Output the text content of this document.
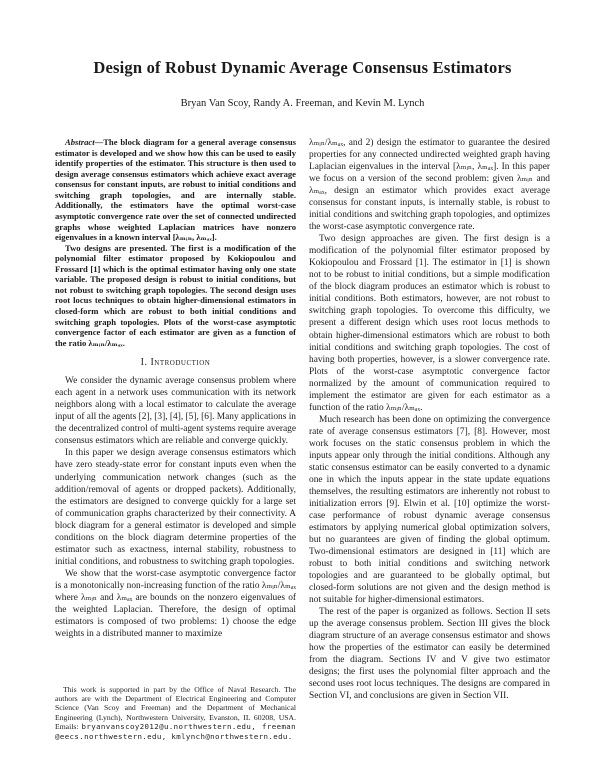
Design of Robust Dynamic Average Consensus Estimators
Bryan Van Scoy, Randy A. Freeman, and Kevin M. Lynch

Abstract—The block diagram for a general average consensus estimator is developed and we show how this can be used to easily identify properties of the estimator. This structure is then used to design average consensus estimators which achieve exact average consensus for constant inputs, are robust to initial conditions and switching graph topologies, and are internally stable. Additionally, the estimators have the optimal worst-case asymptotic convergence rate over the set of connected undirected graphs whose weighted Laplacian matrices have nonzero eigenvalues in a known interval [λₘᵢₙ, λₘₐₓ].

Two designs are presented. The first is a modification of the polynomial filter estimator proposed by Kokiopoulou and Frossard [1] which is the optimal estimator having only one state variable. The proposed design is robust to initial conditions, but not robust to switching graph topologies. The second design uses root locus techniques to obtain higher-dimensional estimators in closed-form which are robust to both initial conditions and switching graph topologies. Plots of the worst-case asymptotic convergence factor of each estimator are given as a function of the ratio λₘᵢₙ/λₘₐₓ.

I. Introduction

We consider the dynamic average consensus problem where each agent in a network uses communication with its network neighbors along with a local estimator to calculate the average input of all the agents [2], [3], [4], [5], [6]. Many applications in the decentralized control of multi-agent systems require average consensus estimators which are reliable and converge quickly.

In this paper we design average consensus estimators which have zero steady-state error for constant inputs even when the underlying communication network changes (such as the addition/removal of agents or dropped packets). Additionally, the estimators are designed to converge quickly for a large set of communication graphs characterized by their connectivity. A block diagram for a general estimator is developed and simple conditions on the block diagram determine properties of the estimator such as exactness, internal stability, robustness to initial conditions, and robustness to switching graph topologies.

We show that the worst-case asymptotic convergence factor is a monotonically non-increasing function of the ratio λₘᵢₙ/λₘₐₓ where λₘᵢₙ and λₘₐₓ are bounds on the nonzero eigenvalues of the weighted Laplacian. Therefore, the design of optimal estimators is composed of two problems: 1) choose the edge weights in a distributed manner to maximize

This work is supported in part by the Office of Naval Research. The authors are with the Department of Electrical Engineering and Computer Science (Van Scoy and Freeman) and the Department of Mechanical Engineering (Lynch), Northwestern University, Evanston, IL 60208, USA. Emails: bryanvanscoy2012@u.northwestern.edu, freeman@eecs.northwestern.edu, kmlynch@northwestern.edu.

λₘᵢₙ/λₘₐₓ, and 2) design the estimator to guarantee the desired properties for any connected undirected weighted graph having Laplacian eigenvalues in the interval [λₘᵢₙ, λₘₐₓ]. In this paper we focus on a version of the second problem: given λₘᵢₙ and λₘₐₓ, design an estimator which provides exact average consensus for constant inputs, is internally stable, is robust to initial conditions and switching graph topologies, and optimizes the worst-case asymptotic convergence rate.

Two design approaches are given. The first design is a modification of the polynomial filter estimator proposed by Kokiopoulou and Frossard [1]. The estimator in [1] is shown not to be robust to initial conditions, but a simple modification of the block diagram produces an estimator which is robust to initial conditions. Both estimators, however, are not robust to switching graph topologies. To overcome this difficulty, we present a different design which uses root locus methods to obtain higher-dimensional estimators which are robust to both initial conditions and switching graph topologies. The cost of having both properties, however, is a slower convergence rate. Plots of the worst-case asymptotic convergence factor normalized by the amount of communication required to implement the estimator are given for each estimator as a function of the ratio λₘᵢₙ/λₘₐₓ.

Much research has been done on optimizing the convergence rate of average consensus estimators [7], [8]. However, most work focuses on the static consensus problem in which the inputs appear only through the initial conditions. Although any static consensus estimator can be easily converted to a dynamic one in which the inputs appear in the state update equations themselves, the resulting estimators are inherently not robust to initialization errors [9]. Elwin et al. [10] optimize the worst-case performance of robust dynamic average consensus estimators by applying numerical global optimization solvers, but no guarantees are given of finding the global optimum. Two-dimensional estimators are designed in [11] which are robust to both initial conditions and switching network topologies and are guaranteed to be globally optimal, but closed-form solutions are not given and the design method is not suitable for higher-dimensional estimators.

The rest of the paper is organized as follows. Section II sets up the average consensus problem. Section III gives the block diagram structure of an average consensus estimator and shows how the properties of the estimator can easily be determined from the diagram. Sections IV and V give two estimator designs; the first uses the polynomial filter approach and the second uses root locus techniques. The designs are compared in Section VI, and conclusions are given in Section VII.
